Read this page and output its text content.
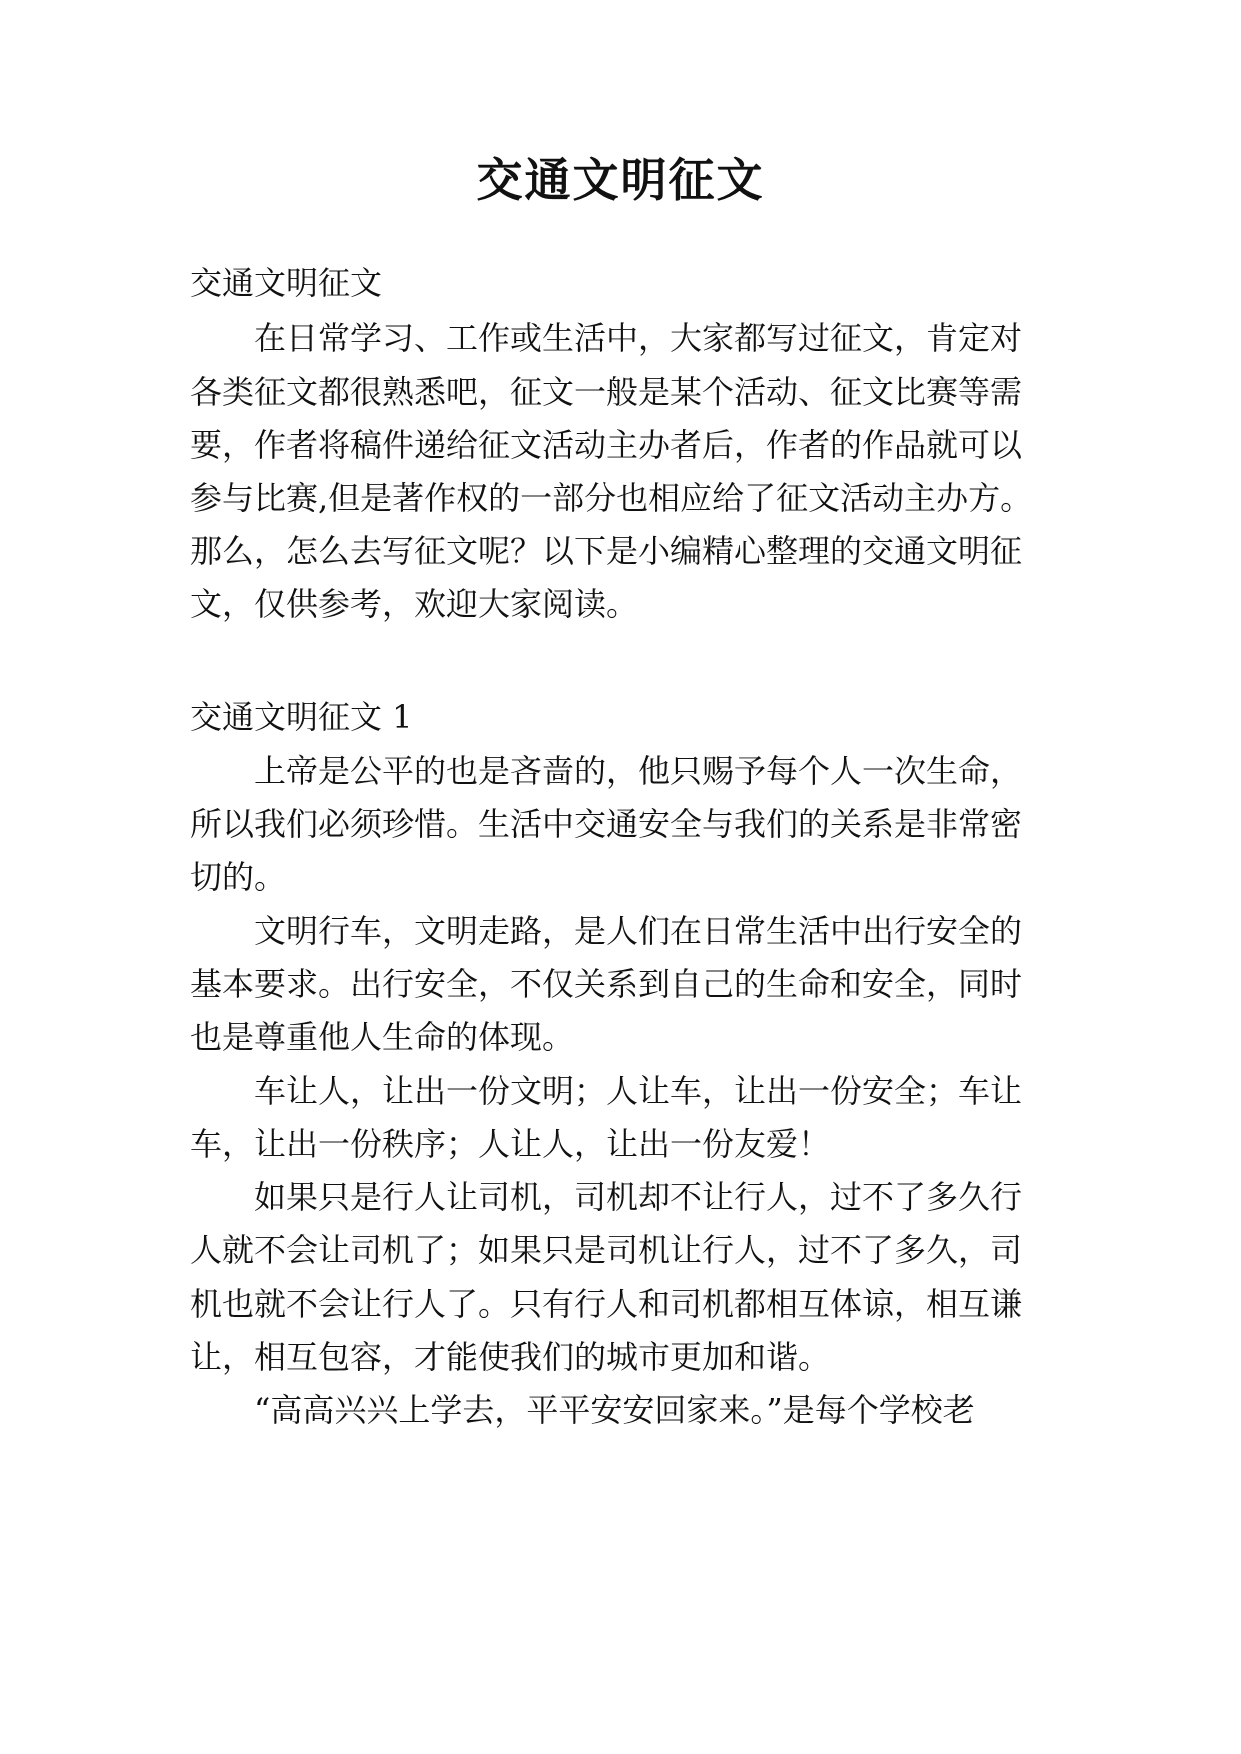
交通文明征文

交通文明征文

在日常学习、工作或生活中，大家都写过征文，肯定对

各类征文都很熟悉吧，征文一般是某个活动、征文比赛等需

要，作者将稿件递给征文活动主办者后，作者的作品就可以

参与比赛,但是著作权的一部分也相应给了征文活动主办方。

那么，怎么去写征文呢？以下是小编精心整理的交通文明征

文，仅供参考，欢迎大家阅读。

交通文明征文 1

上帝是公平的也是吝啬的，他只赐予每个人一次生命，

所以我们必须珍惜。生活中交通安全与我们的关系是非常密

切的。

文明行车，文明走路，是人们在日常生活中出行安全的

基本要求。出行安全，不仅关系到自己的生命和安全，同时

也是尊重他人生命的体现。

车让人，让出一份文明；人让车，让出一份安全；车让

车，让出一份秩序；人让人，让出一份友爱！

如果只是行人让司机，司机却不让行人，过不了多久行

人就不会让司机了；如果只是司机让行人，过不了多久，司

机也就不会让行人了。只有行人和司机都相互体谅，相互谦

让，相互包容，才能使我们的城市更加和谐。

“高高兴兴上学去，平平安安回家来。”是每个学校老
